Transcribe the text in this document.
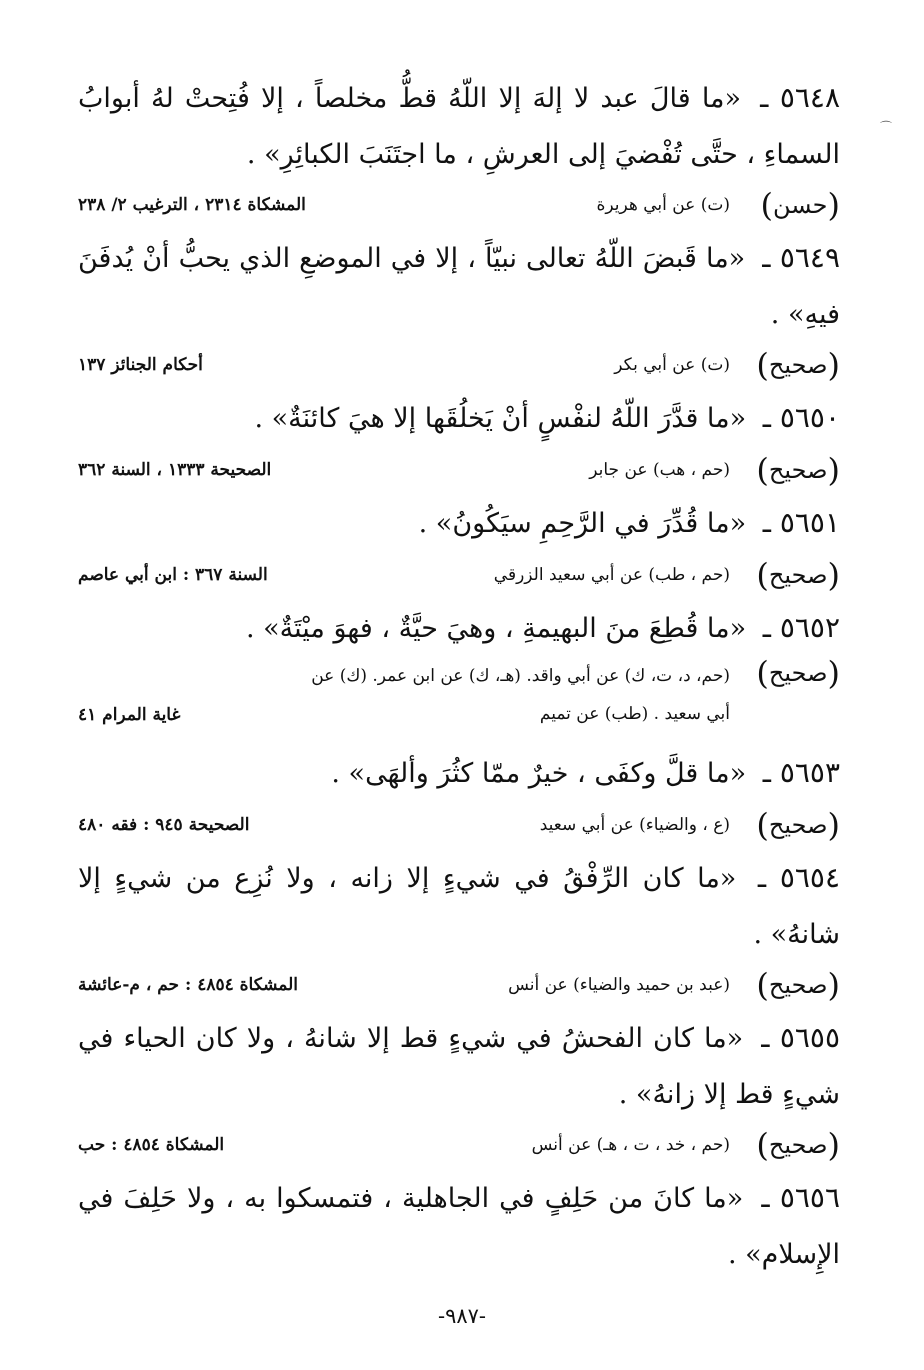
⌒

٥٦٤٨ ـ «ما قالَ عبد لا إلهَ إلا اللّهُ قطُّ مخلصاً ، إلا فُتِحتْ لهُ أبوابُ السماءِ ، حتَّى تُفْضيَ إلى العرشِ ، ما اجتَنَبَ الكبائِرِ» .

(
حسن
)
(ت) عن أبي هريرة
المشكاة ٢٣١٤ ، الترغيب ٢/ ٢٣٨

٥٦٤٩ ـ «ما قَبضَ اللّهُ تعالى نبيّاً ، إلا في الموضعِ الذي يحبُّ أنْ يُدفَنَ فيهِ» .

(
صحيح
)
(ت) عن أبي بكر
أحكام الجنائز ١٣٧

٥٦٥٠ ـ «ما قدَّرَ اللّهُ لنفْسٍ أنْ يَخلُقَها إلا هيَ كائنَةٌ» .

(
صحيح
)
(حم ، هب) عن جابر
الصحيحة ١٣٣٣ ، السنة ٣٦٢

٥٦٥١ ـ «ما قُدِّرَ في الرَّحِمِ سيَكُونُ» .

(
صحيح
)
(حم ، طب) عن أبي سعيد الزرقي
السنة ٣٦٧ : ابن أبي عاصم

٥٦٥٢ ـ «ما قُطِعَ منَ البهيمةِ ، وهيَ حيَّةٌ ، فهوَ ميْتَةٌ» .

(
صحيح
)
(حم، د، ت، ك) عن أبي واقد. (هـ، ك) عن ابن عمر. (ك) عن
أبي سعيد . (طب) عن تميم
غاية المرام ٤١

٥٦٥٣ ـ «ما قلَّ وكفَى ، خيرٌ ممّا كثُرَ وألهَى» .

(
صحيح
)
(ع ، والضياء) عن أبي سعيد
الصحيحة ٩٤٥ : فقه ٤٨٠

٥٦٥٤ ـ «ما كان الرِّفْقُ في شيءٍ إلا زانه ، ولا نُزِع من شيءٍ إلا شانهُ» .

(
صحيح
)
(عبد بن حميد والضياء) عن أنس
المشكاة ٤٨٥٤ : حم ، م-عائشة

٥٦٥٥ ـ «ما كان الفحشُ في شيءٍ قط إلا شانهُ ، ولا كان الحياء في شيءٍ قط إلا زانهُ» .

(
صحيح
)
(حم ، خد ، ت ، هـ) عن أنس
المشكاة ٤٨٥٤ : حب

٥٦٥٦ ـ «ما كانَ من حَلِفٍ في الجاهلية ، فتمسكوا به ، ولا حَلِفَ في الإِسلام» .

-٩٨٧-
